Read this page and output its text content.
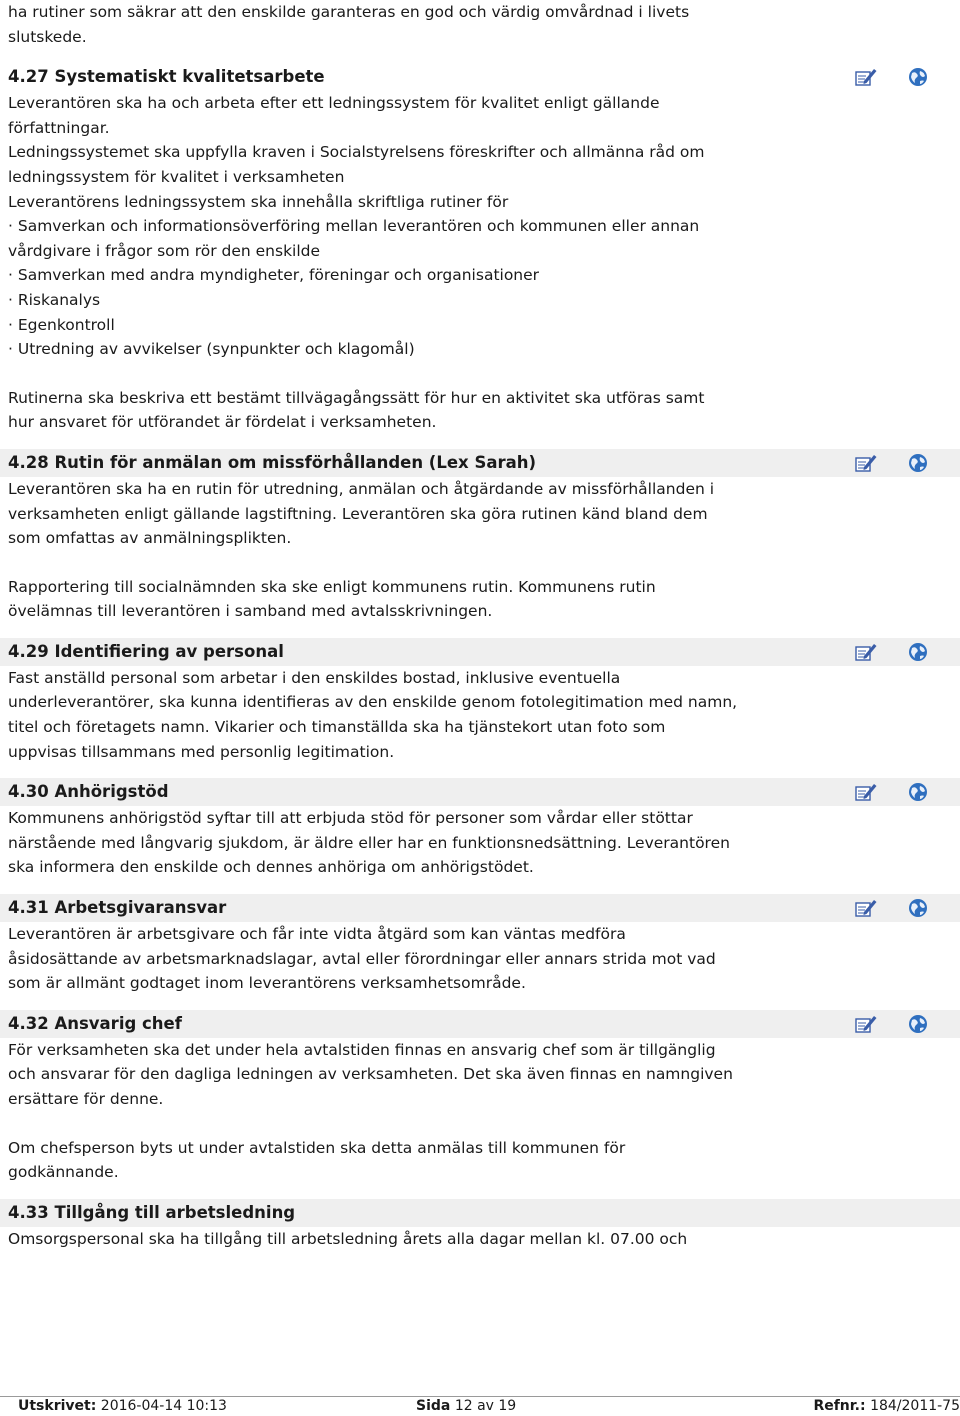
ha rutiner som säkrar att den enskilde garanteras en god och värdig omvårdnad i livets
slutskede.
4.27 Systematiskt kvalitetsarbete
Leverantören ska ha och arbeta efter ett ledningssystem för kvalitet enligt gällande
författningar.
Ledningssystemet ska uppfylla kraven i Socialstyrelsens föreskrifter och allmänna råd om
ledningssystem för kvalitet i verksamheten
Leverantörens ledningssystem ska innehålla skriftliga rutiner för
· Samverkan och informationsöverföring mellan leverantören och kommunen eller annan
vårdgivare i frågor som rör den enskilde
· Samverkan med andra myndigheter, föreningar och organisationer
· Riskanalys
· Egenkontroll
· Utredning av avvikelser (synpunkter och klagomål)
Rutinerna ska beskriva ett bestämt tillvägagångssätt för hur en aktivitet ska utföras samt
hur ansvaret för utförandet är fördelat i verksamheten.
4.28 Rutin för anmälan om missförhållanden (Lex Sarah)
Leverantören ska ha en rutin för utredning, anmälan och åtgärdande av missförhållanden i
verksamheten enligt gällande lagstiftning. Leverantören ska göra rutinen känd bland dem
som omfattas av anmälningsplikten.
Rapportering till socialnämnden ska ske enligt kommunens rutin. Kommunens rutin
övelämnas till leverantören i samband med avtalsskrivningen.
4.29 Identifiering av personal
Fast anställd personal som arbetar i den enskildes bostad, inklusive eventuella
underleverantörer, ska kunna identifieras av den enskilde genom fotolegitimation med namn,
titel och företagets namn. Vikarier och timanställda ska ha tjänstekort utan foto som
uppvisas tillsammans med personlig legitimation.
4.30 Anhörigstöd
Kommunens anhörigstöd syftar till att erbjuda stöd för personer som vårdar eller stöttar
närstående med långvarig sjukdom, är äldre eller har en funktionsnedsättning. Leverantören
ska informera den enskilde och dennes anhöriga om anhörigstödet.
4.31 Arbetsgivaransvar
Leverantören är arbetsgivare och får inte vidta åtgärd som kan väntas medföra
åsidosättande av arbetsmarknadslagar, avtal eller förordningar eller annars strida mot vad
som är allmänt godtaget inom leverantörens verksamhetsområde.
4.32 Ansvarig chef
För verksamheten ska det under hela avtalstiden finnas en ansvarig chef som är tillgänglig
och ansvarar för den dagliga ledningen av verksamheten. Det ska även finnas en namngiven
ersättare för denne.
Om chefsperson byts ut under avtalstiden ska detta anmälas till kommunen för
godkännande.
4.33 Tillgång till arbetsledning
Omsorgspersonal ska ha tillgång till arbetsledning årets alla dagar mellan kl. 07.00 och
Utskrivet: 2016-04-14 10:13	Sida 12 av 19	Refnr.: 184/2011-75
